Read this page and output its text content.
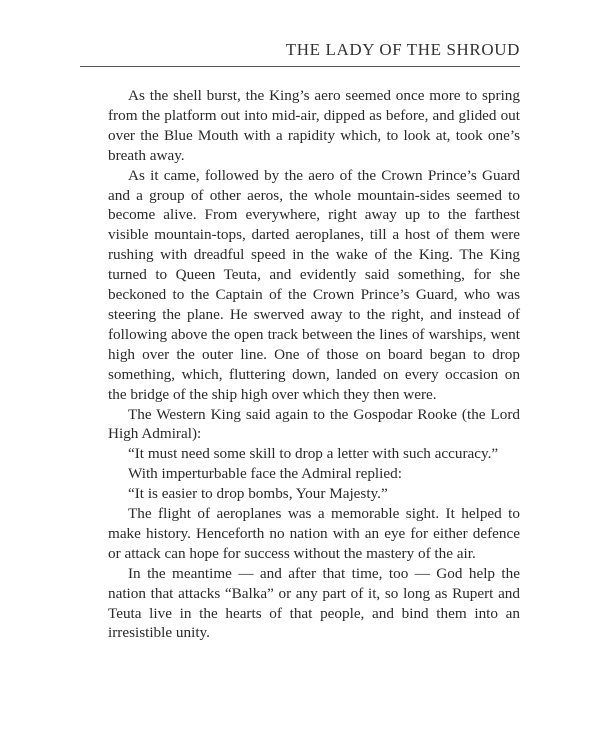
THE LADY OF THE SHROUD

As the shell burst, the King’s aero seemed once more to spring from the platform out into mid-air, dipped as before, and glided out over the Blue Mouth with a rapidity which, to look at, took one’s breath away.

As it came, followed by the aero of the Crown Prince’s Guard and a group of other aeros, the whole mountain-sides seemed to become alive. From everywhere, right away up to the farthest visible mountain-tops, darted aeroplanes, till a host of them were rushing with dreadful speed in the wake of the King. The King turned to Queen Teuta, and evidently said something, for she beckoned to the Captain of the Crown Prince’s Guard, who was steering the plane. He swerved away to the right, and instead of following above the open track between the lines of warships, went high over the outer line. One of those on board began to drop something, which, fluttering down, landed on every occasion on the bridge of the ship high over which they then were.

The Western King said again to the Gospodar Rooke (the Lord High Admiral):

“It must need some skill to drop a letter with such accuracy.”

With imperturbable face the Admiral replied:

“It is easier to drop bombs, Your Majesty.”

The flight of aeroplanes was a memorable sight. It helped to make history. Henceforth no nation with an eye for either defence or attack can hope for success without the mastery of the air.

In the meantime — and after that time, too — God help the nation that attacks “Balka” or any part of it, so long as Rupert and Teuta live in the hearts of that people, and bind them into an irresistible unity.
